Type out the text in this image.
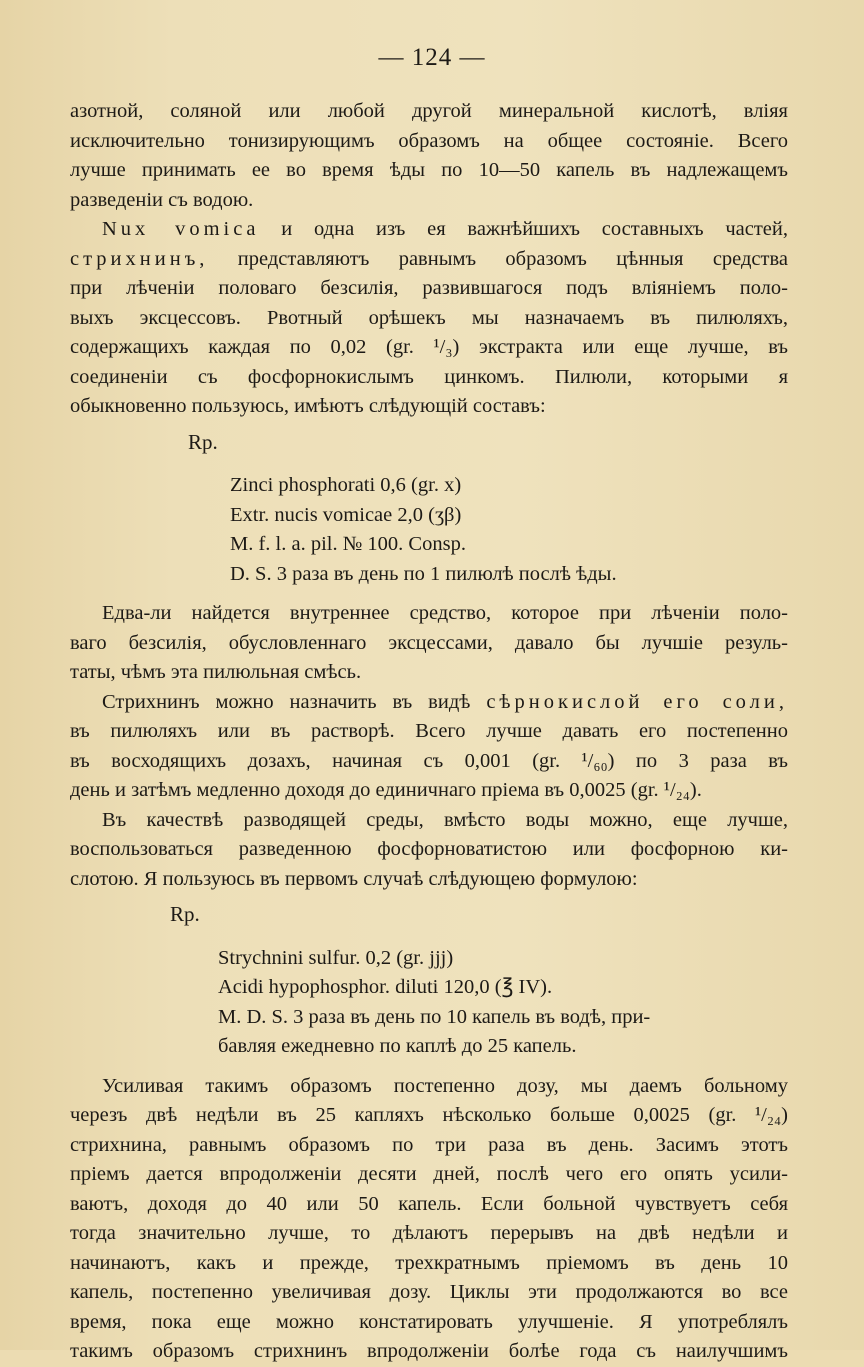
— 124 —
азотной, соляной или любой другой минеральной кислотѣ, вліяя
исключительно тонизирующимъ образомъ на общее состояніе. Всего
лучше принимать ее во время ѣды по 10—50 капель въ надлежащемъ
разведеніи съ водою.
Nux vomica и одна изъ ея важнѣйшихъ составныхъ частей,
стрихнинъ, представляютъ равнымъ образомъ цѣнныя средства
при лѣченіи половаго безсилія, развившагося подъ вліяніемъ поло-
выхъ эксцессовъ. Рвотный орѣшекъ мы назначаемъ въ пилюляхъ,
содержащихъ каждая по 0,02 (gr. ¹/₃) экстракта или еще лучше, въ
соединеніи съ фосфорнокислымъ цинкомъ. Пилюли, которыми я
обыкновенно пользуюсь, имѣютъ слѣдующій составъ:
Rp.
Zinci phosphorati 0,6 (gr. x)
Extr. nucis vomicae 2,0 (ʒβ)
M. f. l. a. pil. № 100. Consp.
D. S. 3 раза въ день по 1 пилюлѣ послѣ ѣды.
Едва-ли найдется внутреннее средство, которое при лѣченіи поло-
ваго безсилія, обусловленнаго эксцессами, давало бы лучшіе резуль-
таты, чѣмъ эта пилюльная смѣсь.
Стрихнинъ можно назначить въ видѣ сѣрнокислой его соли,
въ пилюляхъ или въ растворѣ. Всего лучше давать его постепенно
въ восходящихъ дозахъ, начиная съ 0,001 (gr. ¹/₆₀) по 3 раза въ
день и затѣмъ медленно доходя до единичнаго пріема въ 0,0025 (gr. ¹/₂₄).
Въ качествѣ разводящей среды, вмѣсто воды можно, еще лучше,
воспользоваться разведенною фосфорноватистою или фосфорною ки-
слотою. Я пользуюсь въ первомъ случаѣ слѣдующею формулою:
Rp.
Strychnini sulfur. 0,2 (gr. jjj)
Acidi hypophosphor. diluti 120,0 (℥ IV).
M. D. S. 3 раза въ день по 10 капель въ водѣ, при-
бавляя ежедневно по каплѣ до 25 капель.
Усиливая такимъ образомъ постепенно дозу, мы даемъ больному
черезъ двѣ недѣли въ 25 капляхъ нѣсколько больше 0,0025 (gr. ¹/₂₄)
стрихнина, равнымъ образомъ по три раза въ день. Засимъ этотъ
пріемъ дается впродолженіи десяти дней, послѣ чего его опять усили-
ваютъ, доходя до 40 или 50 капель. Если больной чувствуетъ себя
тогда значительно лучше, то дѣлаютъ перерывъ на двѣ недѣли и
начинаютъ, какъ и прежде, трехкратнымъ пріемомъ въ день 10
капель, постепенно увеличивая дозу. Циклы эти продолжаются во все
время, пока еще можно констатировать улучшеніе. Я употреблялъ
такимъ образомъ стрихнинъ впродолженіи болѣе года съ наилучшимъ
